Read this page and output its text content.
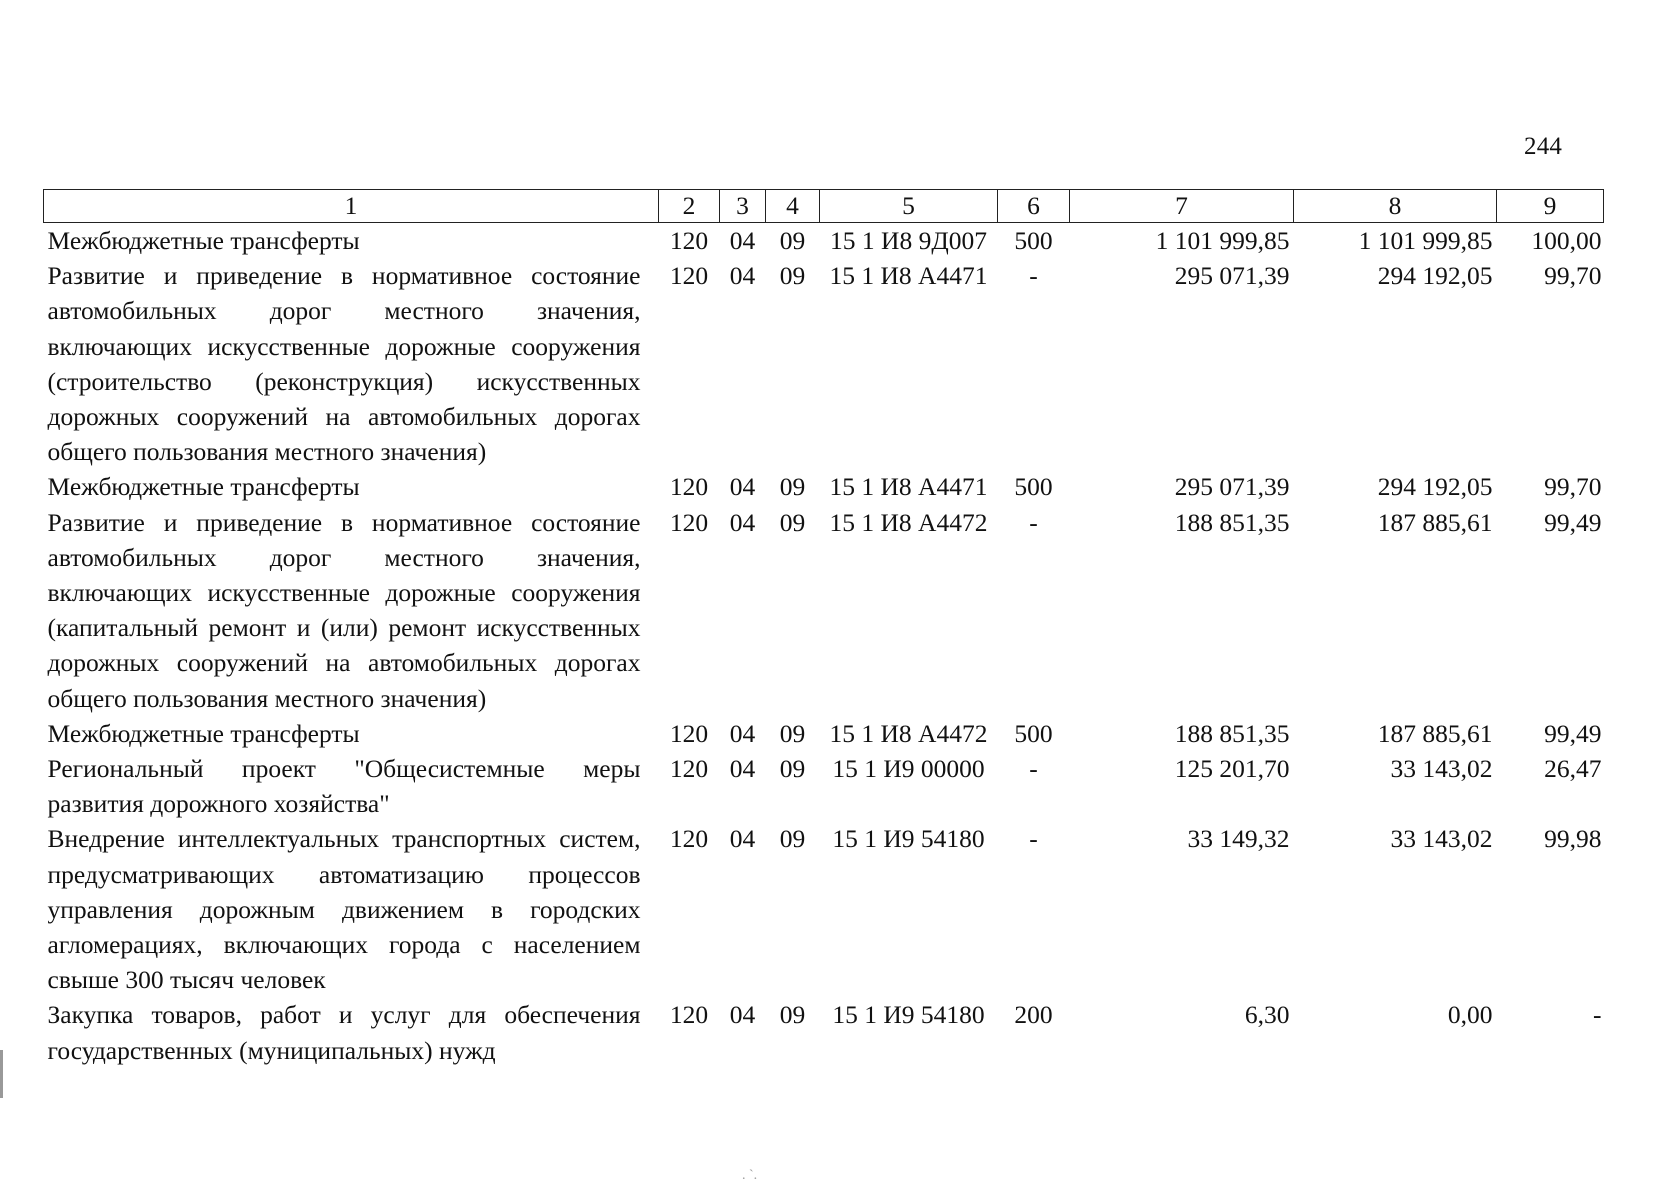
244
1	2	3	4	5	6	7	8	9
Межбюджетные трансферты	120	04	09	15 1 И8 9Д007	500	1 101 999,85	1 101 999,85	100,00
Развитие и приведение в нормативное состояние автомобильных дорог местного значения, включающих искусственные дорожные сооружения (строительство (реконструкция) искусственных дорожных сооружений на автомобильных дорогах общего пользования местного значения)	120	04	09	15 1 И8 А4471	-	295 071,39	294 192,05	99,70
Межбюджетные трансферты	120	04	09	15 1 И8 А4471	500	295 071,39	294 192,05	99,70
Развитие и приведение в нормативное состояние автомобильных дорог местного значения, включающих искусственные дорожные сооружения (капитальный ремонт и (или) ремонт искусственных дорожных сооружений на автомобильных дорогах общего пользования местного значения)	120	04	09	15 1 И8 А4472	-	188 851,35	187 885,61	99,49
Межбюджетные трансферты	120	04	09	15 1 И8 А4472	500	188 851,35	187 885,61	99,49
Региональный проект "Общесистемные меры развития дорожного хозяйства"	120	04	09	15 1 И9 00000	-	125 201,70	33 143,02	26,47
Внедрение интеллектуальных транспортных систем, предусматривающих автоматизацию процессов управления дорожным движением в городских агломерациях, включающих города с населением свыше 300 тысяч человек	120	04	09	15 1 И9 54180	-	33 149,32	33 143,02	99,98
Закупка товаров, работ и услуг для обеспечения государственных (муниципальных) нужд	120	04	09	15 1 И9 54180	200	6,30	0,00	-
. `.
